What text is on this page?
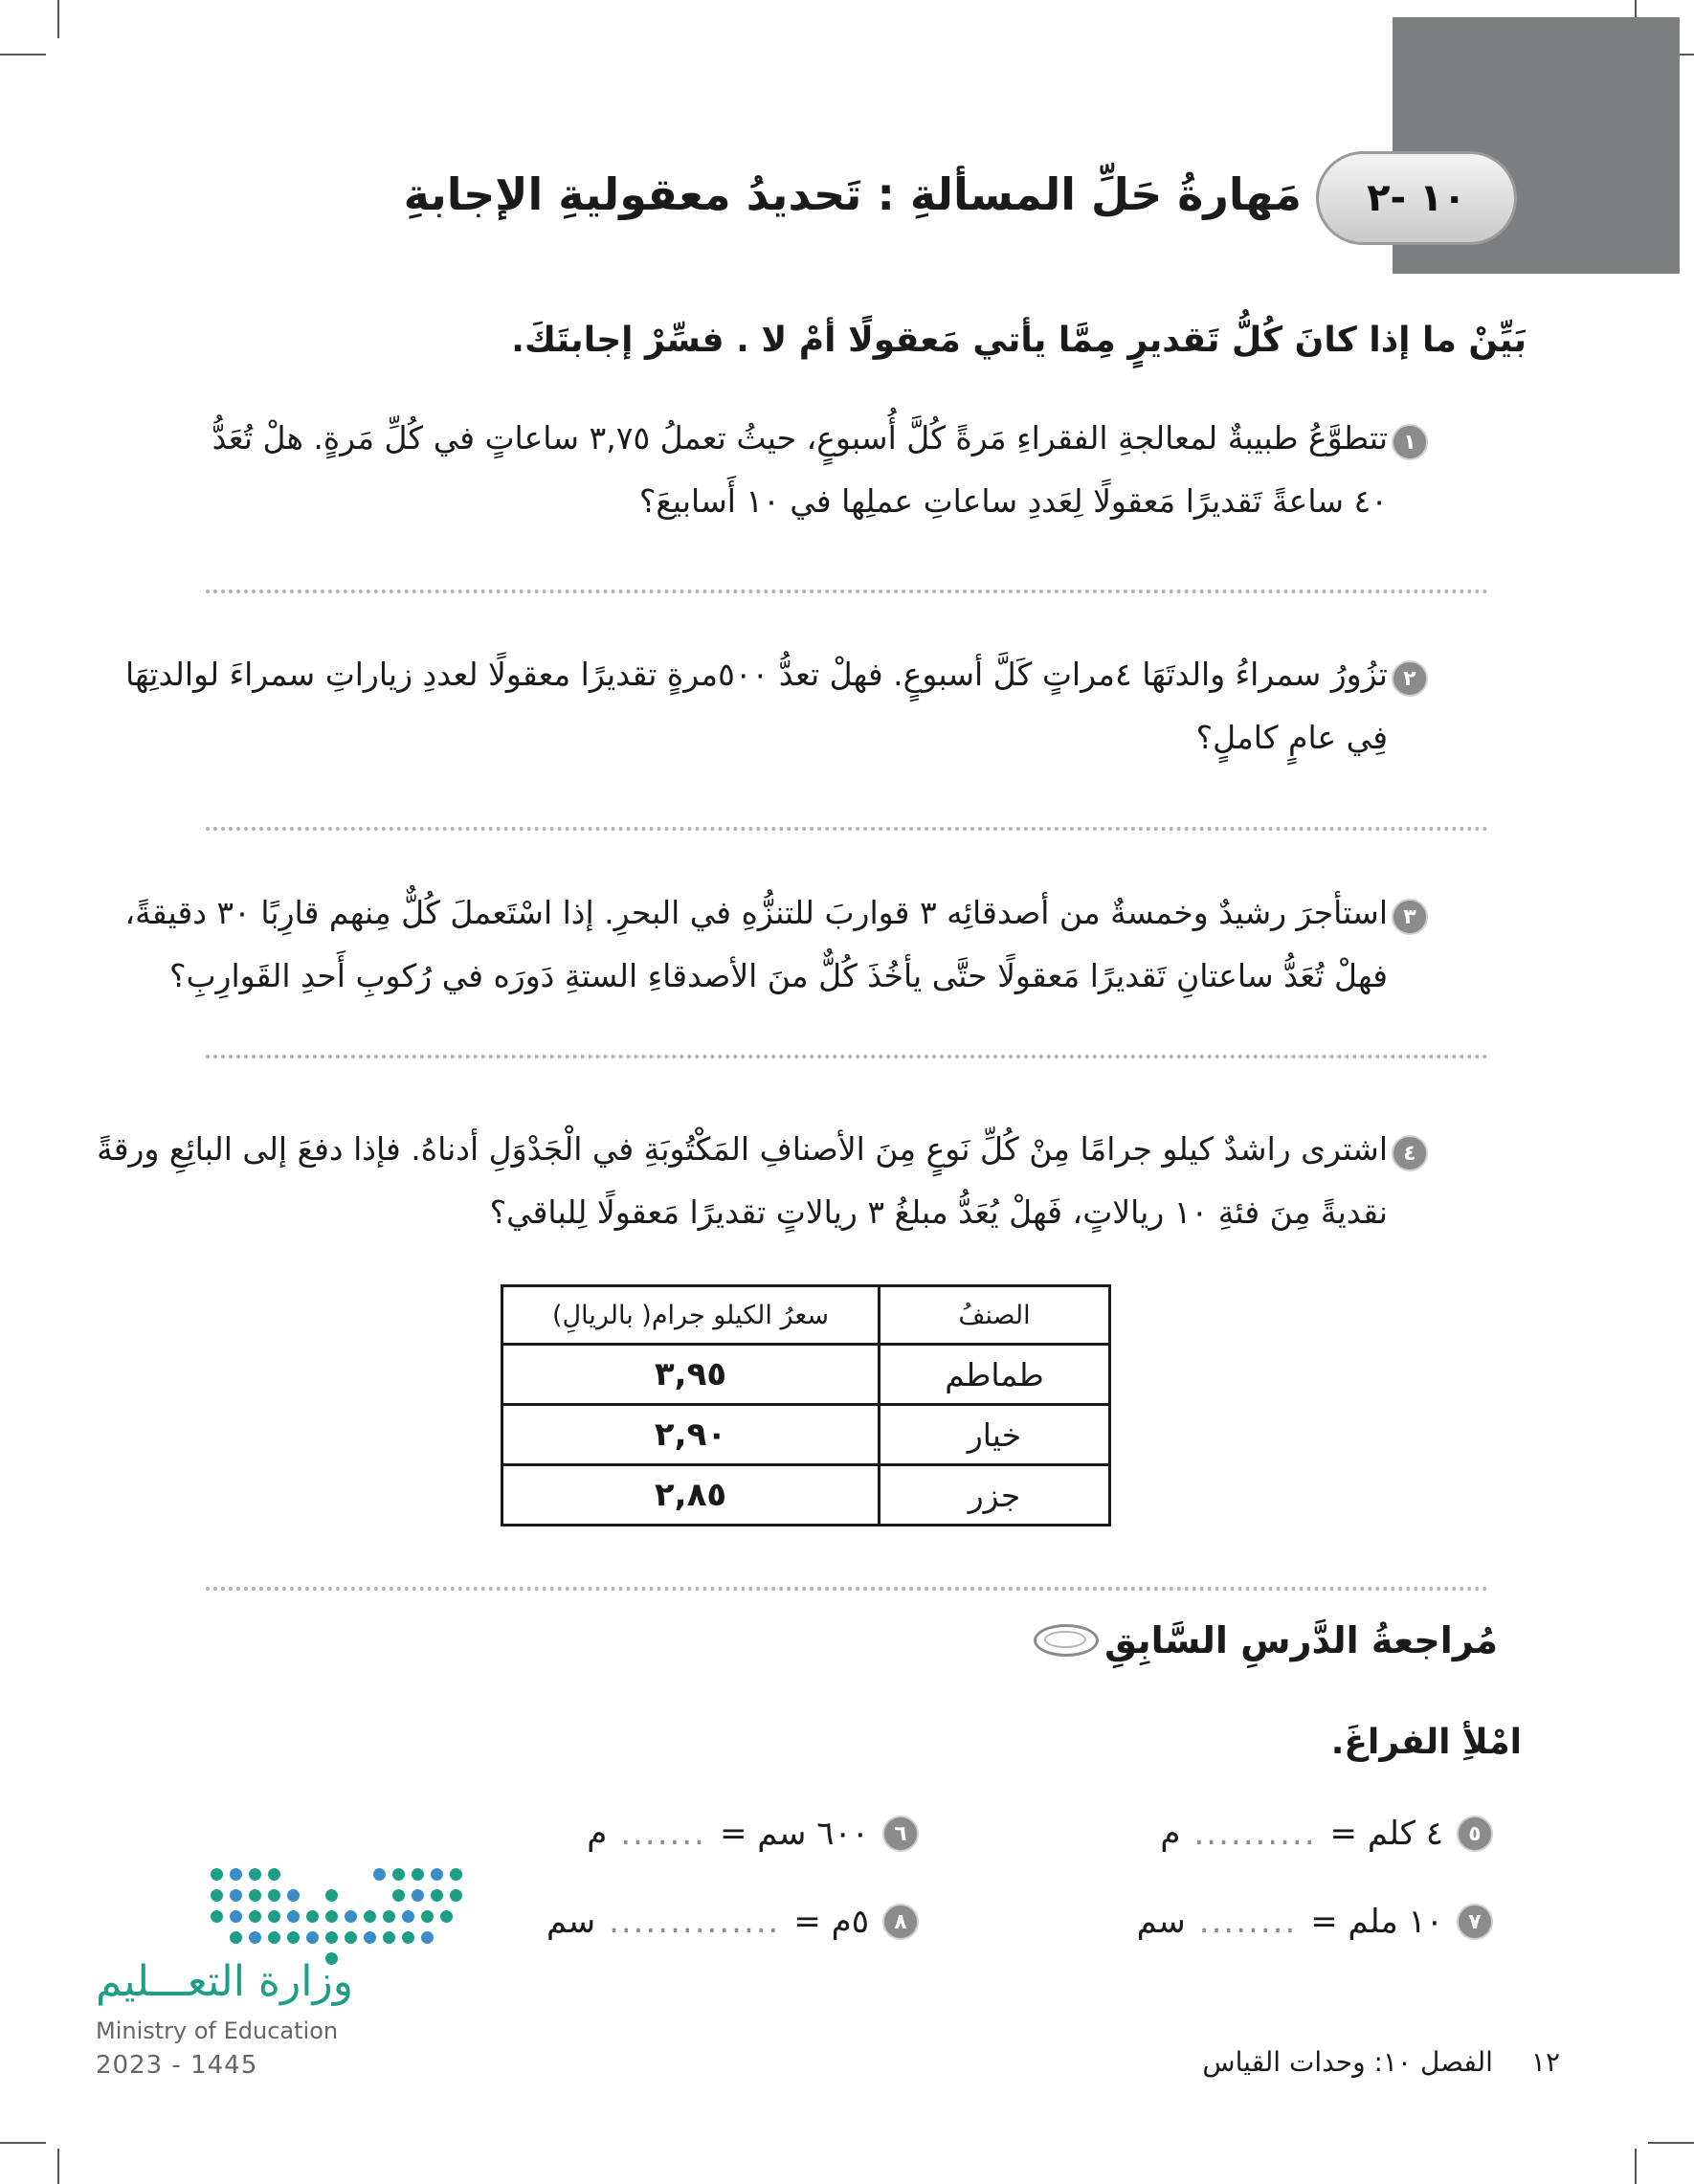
١٠ -٢
مَهارةُ حَلِّ المسألةِ : تَحديدُ معقوليةِ الإجابةِ
بَيِّنْ ما إذا كانَ كُلُّ تَقديرٍ مِمَّا يأتي مَعقولًا أمْ لا . فسِّرْ إجابتَكَ.
١
تتطوَّعُ طبيبةٌ لمعالجةِ الفقراءِ مَرةً كُلَّ أُسبوعٍ، حيثُ تعملُ ٣,٧٥ ساعاتٍ في كُلِّ مَرةٍ. هلْ تُعَدُّ
٤٠ ساعةً تَقديرًا مَعقولًا لِعَددِ ساعاتِ عملِها في ١٠ أَسابيعَ؟
٢
تزُورُ سمراءُ والدتَهَا ٤مراتٍ كَلَّ أسبوعٍ. فهلْ تعدُّ ٥٠٠مرةٍ تقديرًا معقولًا لعددِ زياراتِ سمراءَ لوالدتِهَا
فِي عامٍ كاملٍ؟
٣
استأجرَ رشيدٌ وخمسةٌ من أصدقائِه ٣ قواربَ للتنزُّهِ في البحرِ. إذا اسْتَعملَ كُلٌّ مِنهم قارِبًا ٣٠ دقيقةً،
فهلْ تُعَدُّ ساعتانِ تَقديرًا مَعقولًا حتَّى يأخُذَ كُلٌّ منَ الأصدقاءِ الستةِ دَورَه في رُكوبِ أَحدِ القَوارِبِ؟
٤
اشترى راشدٌ كيلو جرامًا مِنْ كُلِّ نَوعٍ مِنَ الأصنافِ المَكْتُوبَةِ في الْجَدْوَلِ أدناهُ. فإذا دفعَ إلى البائِعِ ورقةً
نقديةً مِنَ فئةِ ١٠ ريالاتٍ، فَهلْ يُعَدُّ مبلغُ ٣ ريالاتٍ تقديرًا مَعقولًا لِلباقي؟
الصنفُ	سعرُ الكيلو جرام( بالريالِ)
طماطم	٣,٩٥
خيار	٢,٩٠
جزر	٢,٨٥
مُراجعةُ الدَّرسِ السَّابِقِ
امْلأِ الفراغَ.
٥
٤ كلم =
..........
م
٦
٦٠٠ سم =
.......
م
٧
١٠ ملم =
........
سم
٨
٥م =
..............
سم
وزارة التعـــليم
Ministry of Education
2023 - 1445	١٢
الفصل ١٠: وحدات القياس
